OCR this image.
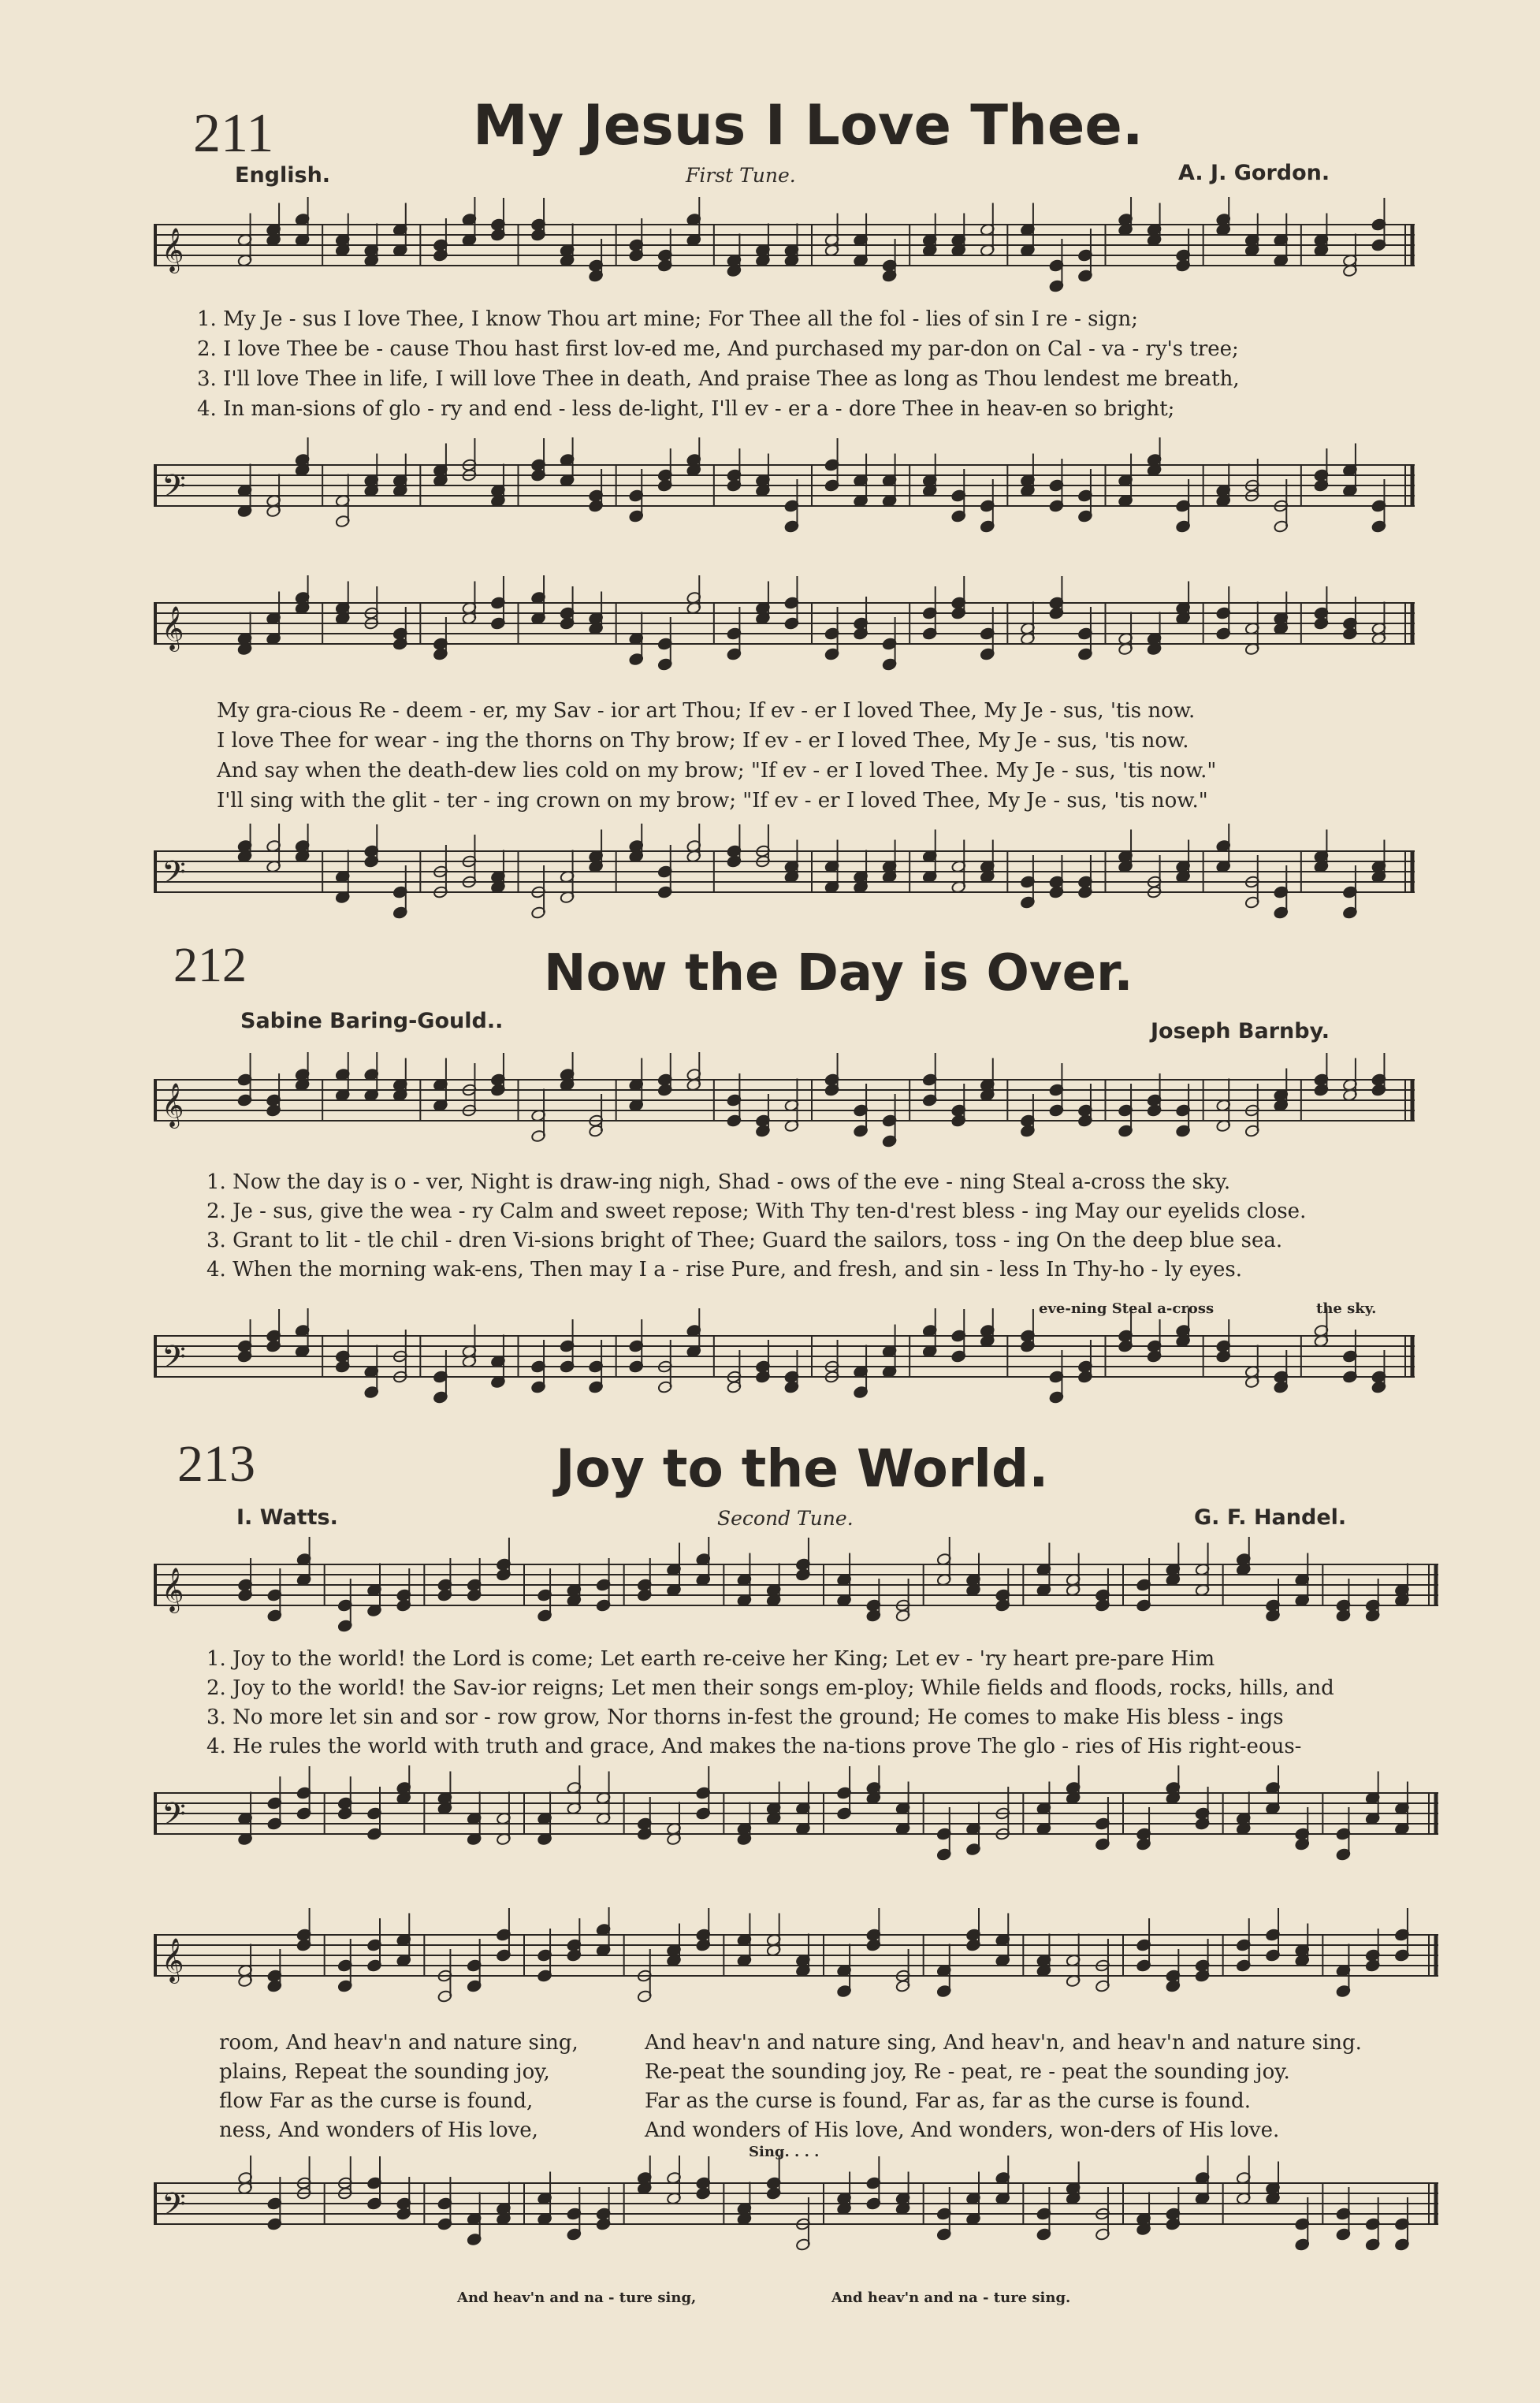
211	My Jesus I Love Thee.
English.	First Tune.	A. J. Gordon.
𝄞
1. My Je - sus I love Thee, I know Thou art mine; For Thee all the fol - lies of sin I re - sign;
2. I love Thee be - cause Thou hast first lov-ed me, And purchased my par-don on Cal - va - ry's tree;
3. I'll love Thee in life, I will love Thee in death, And praise Thee as long as Thou lendest me breath,
4. In man-sions of glo - ry and end - less de-light, I'll ev - er a - dore Thee in heav-en so bright;
𝄢
𝄞
My gra-cious Re - deem - er, my Sav - ior art Thou; If ev - er I loved Thee, My Je - sus, 'tis now.
I love Thee for wear - ing the thorns on Thy brow; If ev - er I loved Thee, My Je - sus, 'tis now.
And say when the death-dew lies cold on my brow; "If ev - er I loved Thee. My Je - sus, 'tis now."
I'll sing with the glit - ter - ing crown on my brow; "If ev - er I loved Thee, My Je - sus, 'tis now."
𝄢
212	Now the Day is Over.
Sabine Baring-Gould..	Joseph Barnby.
𝄞
1. Now the day is o - ver, Night is draw-ing nigh, Shad - ows of the eve - ning Steal a-cross the sky.
2. Je - sus, give the wea - ry Calm and sweet repose; With Thy ten-d'rest bless - ing May our eyelids close.
3. Grant to lit - tle chil - dren Vi-sions bright of Thee; Guard the sailors, toss - ing On the deep blue sea.
4. When the morning wak-ens, Then may I a - rise Pure, and fresh, and sin - less In Thy-ho - ly eyes.
eve-ning Steal a-cross	the sky.
𝄢
213	Joy to the World.
I. Watts.	Second Tune.	G. F. Handel.
𝄞
1. Joy to the world! the Lord is come; Let earth re-ceive her King; Let ev - 'ry heart pre-pare Him
2. Joy to the world! the Sav-ior reigns; Let men their songs em-ploy; While fields and floods, rocks, hills, and
3. No more let sin and sor - row grow, Nor thorns in-fest the ground; He comes to make His bless - ings
4. He rules the world with truth and grace, And makes the na-tions prove The glo - ries of His right-eous-
𝄢
𝄞
room, And heav'n and nature sing,
plains, Repeat the sounding joy,
flow Far as the curse is found,
ness, And wonders of His love,
And heav'n and nature sing, And heav'n, and heav'n and nature sing.
Re-peat the sounding joy, Re - peat, re - peat the sounding joy.
Far as the curse is found, Far as, far as the curse is found.
And wonders of His love, And wonders, won-ders of His love.
Sing. . . .
𝄢
And heav'n and na - ture sing,	And heav'n and na - ture sing.
